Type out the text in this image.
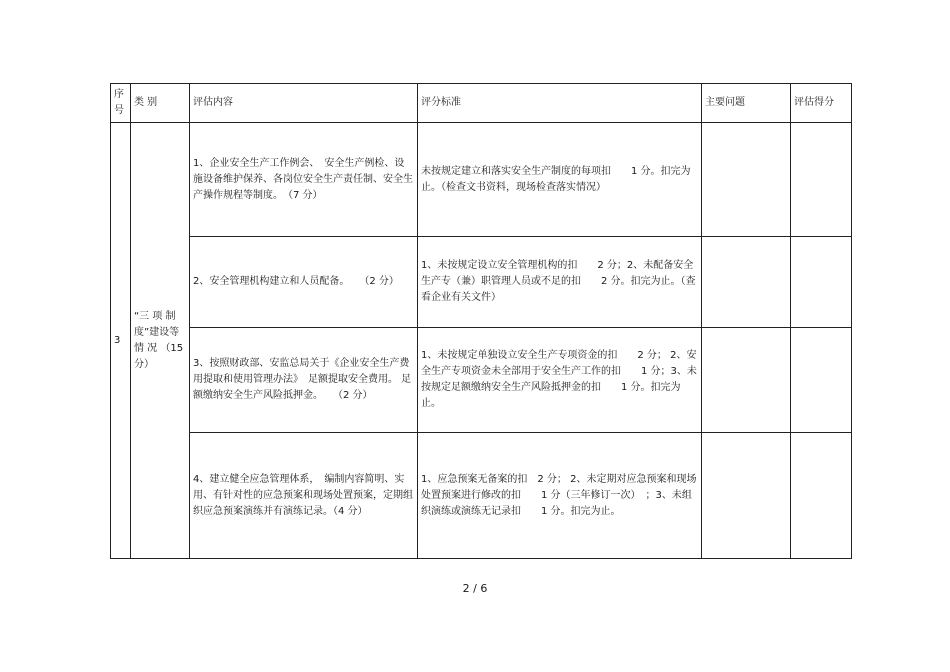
序号	类 别	评估内容	评分标准	主要问题	评估得分
3	“三 项 制 度”建设等情 况 （15 分）	1、企业安全生产工作例会、　安全生产例检、设施设备维护保养、各岗位安全生产责任制、安全生产操作规程等制度。　（7 分）	未按规定建立和落实安全生产制度的每项扣　　1 分。扣完为止。（检查文书资料，现场检查落实情况）		
		2、安全管理机构建立和人员配备。　　（2 分）	1、未按规定设立安全管理机构的扣　　2 分；2、未配备安全生产专（兼）职管理人员或不足的扣　　2 分。扣完为止。（查看企业有关文件）		
		3、按照财政部、安监总局关于《企业安全生产费用提取和使用管理办法》　足额提取安全费用。 足额缴纳安全生产风险抵押金。　　（2 分）	1、未按规定单独设立安全生产专项资金的扣　　2 分； 2、安全生产专项资金未全部用于安全生产工作的扣　　1 分；3、未按规定足额缴纳安全生产风险抵押金的扣　　1 分。扣完为止。		
		4、建立健全应急管理体系，　编制内容简明、实用、有针对性的应急预案和现场处置预案，定期组织应急预案演练并有演练记录。（4 分）	1、应急预案无备案的扣　2 分； 2、未定期对应急预案和现场处置预案进行修改的扣　　1 分（三年修订一次）　；3、未组织演练或演练无记录扣　　1 分。扣完为止。		
2 / 6
